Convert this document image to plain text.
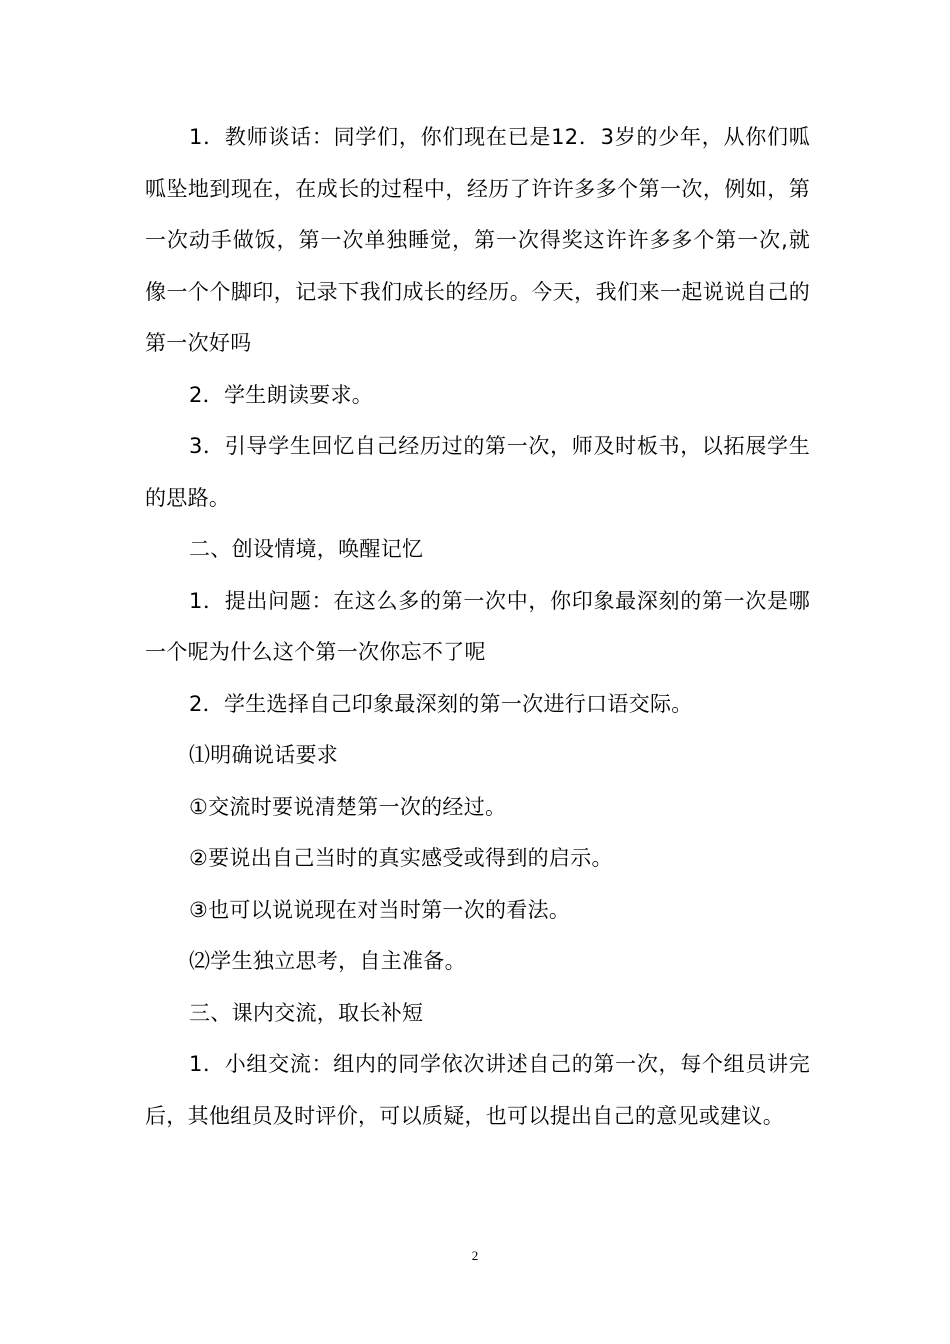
1．教师谈话：同学们，你们现在已是12．3岁的少年，从你们呱呱坠地到现在，在成长的过程中，经历了许许多多个第一次，例如，第一次动手做饭，第一次单独睡觉，第一次得奖这许许多多个第一次,就像一个个脚印，记录下我们成长的经历。今天，我们来一起说说自己的第一次好吗

2．学生朗读要求。

3．引导学生回忆自己经历过的第一次，师及时板书，以拓展学生的思路。

二、创设情境，唤醒记忆

1．提出问题：在这么多的第一次中，你印象最深刻的第一次是哪一个呢为什么这个第一次你忘不了呢

2．学生选择自己印象最深刻的第一次进行口语交际。

⑴明确说话要求

①交流时要说清楚第一次的经过。

②要说出自己当时的真实感受或得到的启示。

③也可以说说现在对当时第一次的看法。

⑵学生独立思考，自主准备。

三、课内交流，取长补短

1．小组交流：组内的同学依次讲述自己的第一次，每个组员讲完后，其他组员及时评价，可以质疑，也可以提出自己的意见或建议。

2
